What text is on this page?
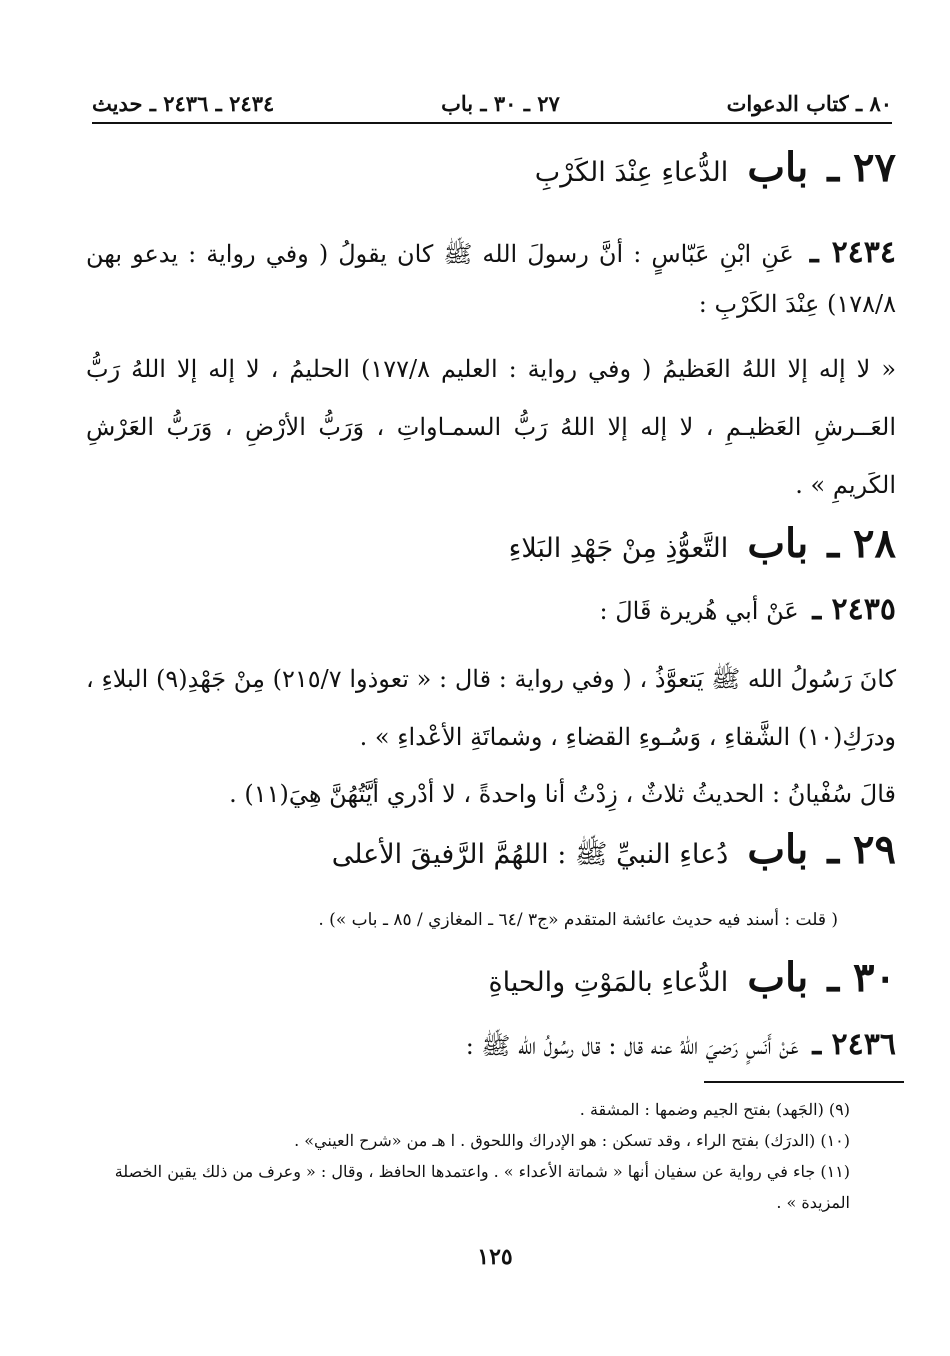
٨٠ ـ كتاب الدعوات
٢٧ ـ ٣٠ ـ باب
٢٤٣٤ ـ ٢٤٣٦ ـ حديث
٢٧ ـ باب الدُّعاءِ عِنْدَ الكَرْبِ
٢٤٣٤ ـ عَنِ ابْنِ عَبّاسٍ : أنَّ رسولَ الله ﷺ كان يقولُ ( وفي رواية : يدعو بهن ١٧٨/٨) عِنْدَ الكَرْبِ :
« لا إله إلا اللهُ العَظيمُ ( وفي رواية : العليم ١٧٧/٨) الحليمُ ، لا إله إلا اللهُ رَبُّ العَــرشِ العَظيـمِ ، لا إله إلا اللهُ رَبُّ السمـاواتِ ، وَرَبُّ الأرْضِ ، وَرَبُّ العَرْشِ الكَريمِ » .
٢٨ ـ باب التَّعوُّذِ مِنْ جَهْدِ البَلاءِ
٢٤٣٥ ـ عَنْ أبي هُريرة قَالَ :
كانَ رَسُولُ الله ﷺ يَتعوَّذُ ، ( وفي رواية : قال : « تعوذوا ٢١٥/٧) مِنْ جَهْدِ(٩) البلاءِ ، ودرَكِ(١٠) الشَّقاءِ ، وَسُـوءِ القضاءِ ، وشماتَةِ الأعْداءِ » .
قالَ سُفْيانُ : الحديثُ ثلاثٌ ، زِدْتُ أنا واحدةً ، لا أدْري أيَّتُهُنَّ هِيَ(١١) .
٢٩ ـ باب دُعاءِ النبيِّ ﷺ : اللهُمَّ الرَّفيقَ الأعلى
( قلت : أسند فيه حديث عائشة المتقدم «ج٣ /٦٤ ـ المغازي / ٨٥ ـ باب ») .
٣٠ ـ باب الدُّعاءِ بالمَوْتِ والحياةِ
٢٤٣٦ ـ عَنْ أَنَسٍ رَضيَ اللهُ عنه قال : قال رسُولُ الله ﷺ :
(٩) (الجَهد) بفتح الجيم وضمها : المشقة .
(١٠) (الدرَك) بفتح الراء ، وقد تسكن : هو الإدراك واللحوق . ا هـ من «شرح العيني» .
(١١) جاء في رواية عن سفيان أنها « شماتة الأعداء » . واعتمدها الحافظ ، وقال : « وعرف من ذلك يقين الخصلة المزيدة » .
١٢٥
